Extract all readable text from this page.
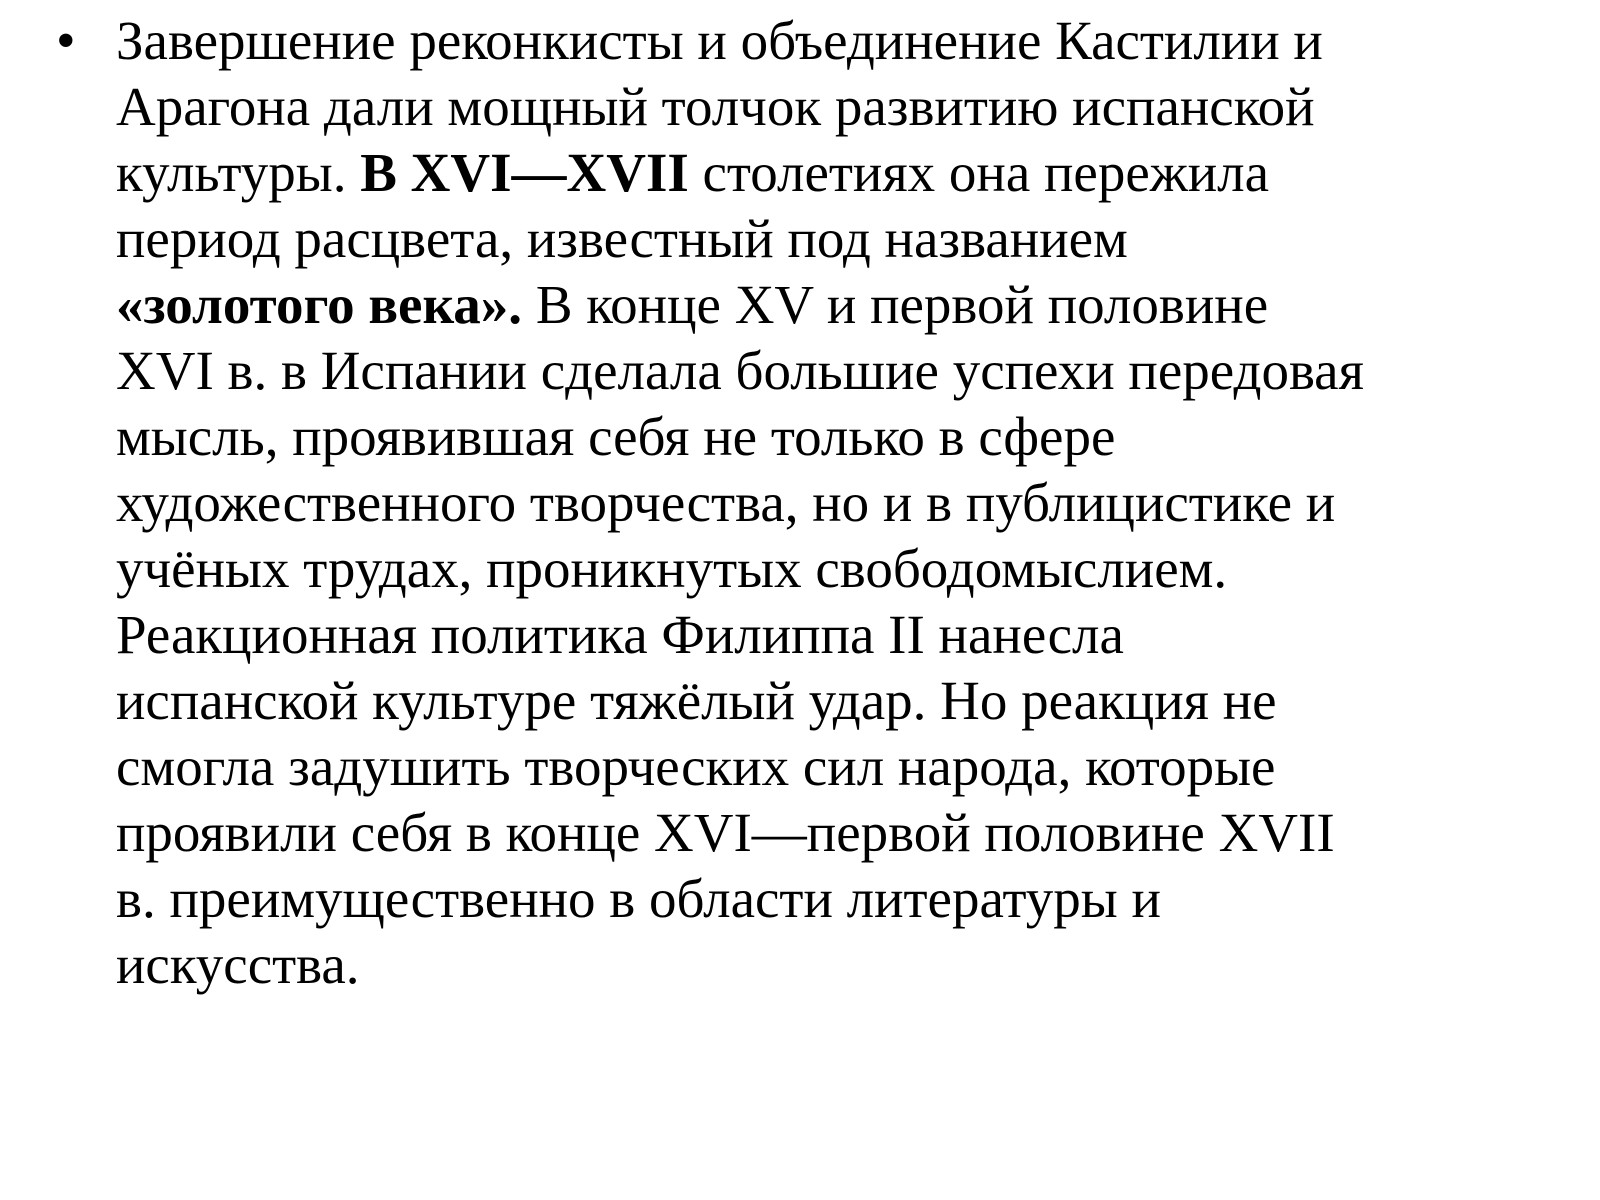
• Завершение реконкисты и объединение Кастилии и
Арагона дали мощный толчок развитию испанской
культуры. В XVI—XVII столетиях она пережила
период расцвета, известный под названием
«золотого века». В конце XV и первой половине
XVI в. в Испании сделала большие успехи передовая
мысль, проявившая себя не только в сфере
художественного творчества, но и в публицистике и
учёных трудах, проникнутых свободомыслием.
Реакционная политика Филиппа II нанесла
испанской культуре тяжёлый удар. Но реакция не
смогла задушить творческих сил народа, которые
проявили себя в конце XVI—первой половине XVII
в. преимущественно в области литературы и
искусства.
